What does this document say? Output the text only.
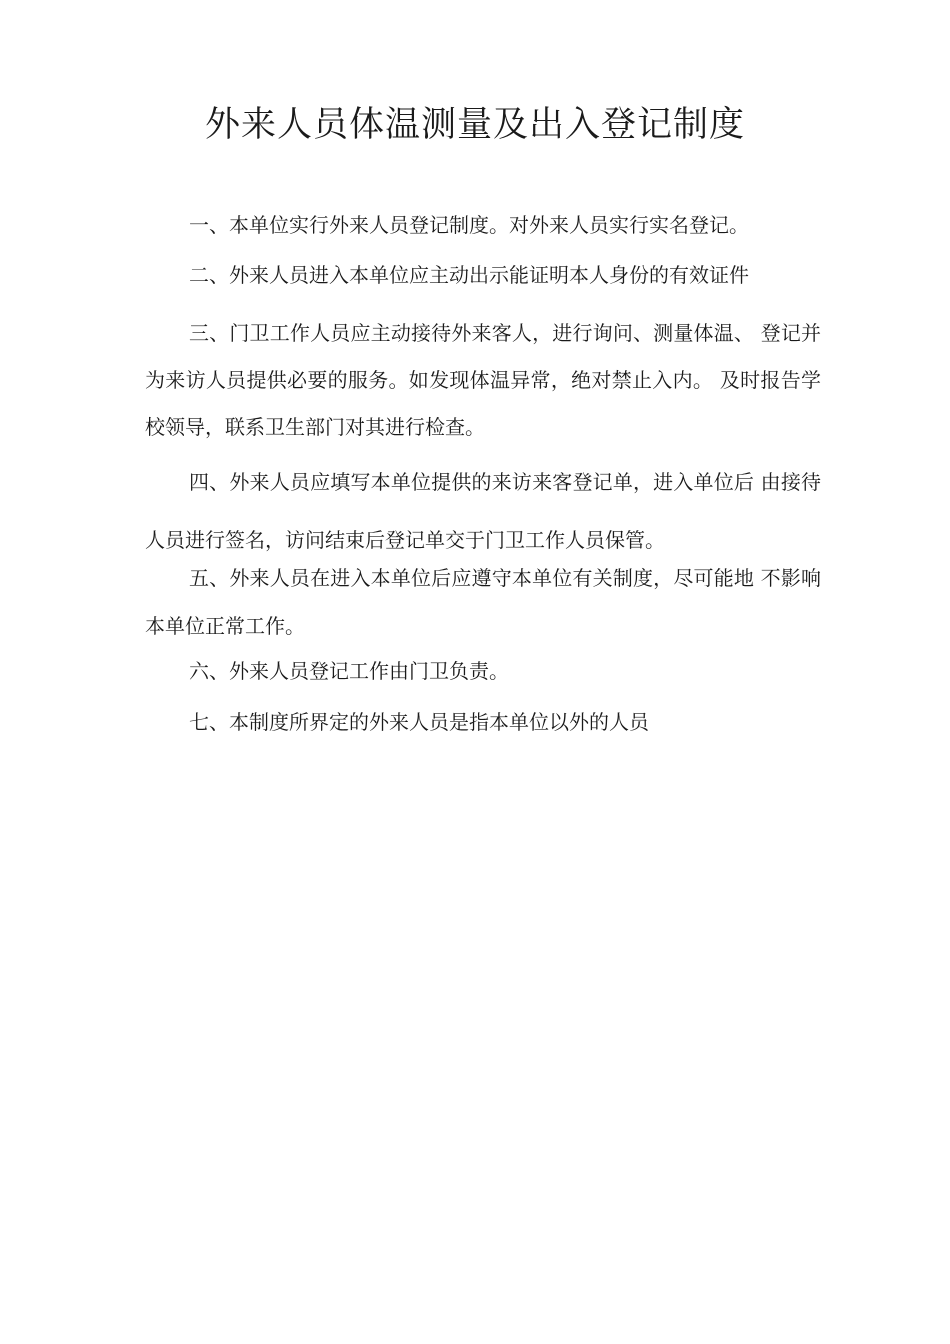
外来人员体温测量及出入登记制度

一、本单位实行外来人员登记制度。对外来人员实行实名登记。

二、外来人员进入本单位应主动出示能证明本人身份的有效证件

三、门卫工作人员应主动接待外来客人，进行询问、测量体温、 登记并为来访人员提供必要的服务。如发现体温异常，绝对禁止入内。 及时报告学校领导，联系卫生部门对其进行检查。

四、外来人员应填写本单位提供的来访来客登记单，进入单位后 由接待人员进行签名，访问结束后登记单交于门卫工作人员保管。

五、外来人员在进入本单位后应遵守本单位有关制度，尽可能地 不影响本单位正常工作。

六、外来人员登记工作由门卫负责。

七、本制度所界定的外来人员是指本单位以外的人员
